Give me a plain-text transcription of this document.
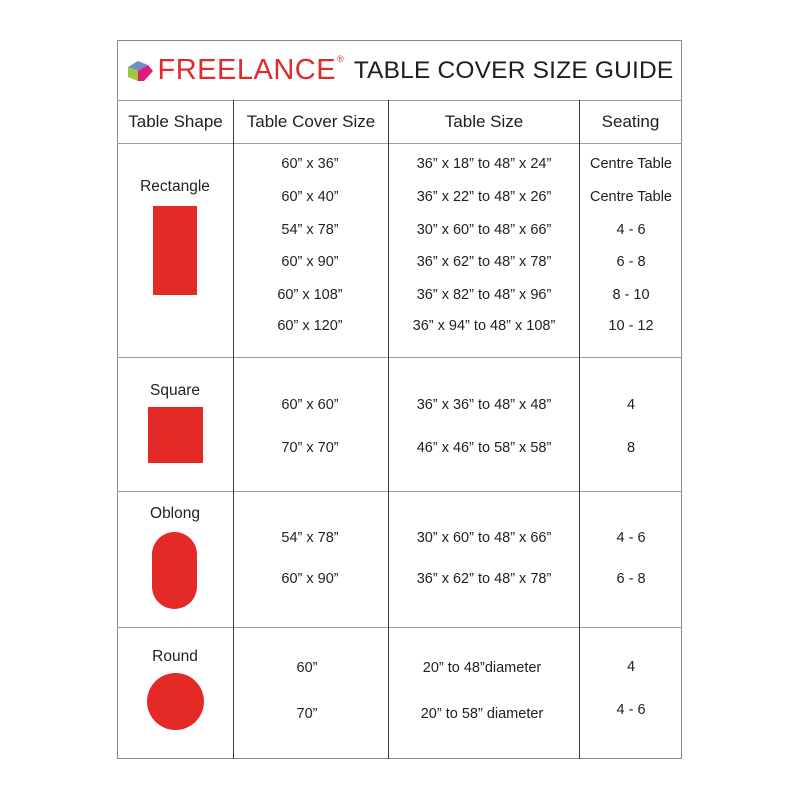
FREELANCE ® TABLE COVER SIZE GUIDE
Table Shape	Table Cover Size	Table Size	Seating
Rectangle
60” x 36”	36” x 18” to 48” x 24”	Centre Table
60” x 40”	36” x 22” to 48” x 26”	Centre Table
54” x 78”	30” x 60” to 48” x 66”	4 - 6
60” x 90”	36” x 62” to 48” x 78”	6 - 8
60” x 108”	36” x 82” to 48” x 96”	8 - 10
60” x 120”	36” x 94” to 48” x 108”	10 - 12
Square
60” x 60”	36” x 36” to 48” x 48”	4
70” x 70”	46” x 46” to 58” x 58”	8
Oblong
54” x 78”	30” x 60” to 48” x 66”	4 - 6
60” x 90”	36” x 62” to 48” x 78”	6 - 8
Round
60”	20” to 48”diameter	4
70”	20” to 58” diameter	4 - 6
